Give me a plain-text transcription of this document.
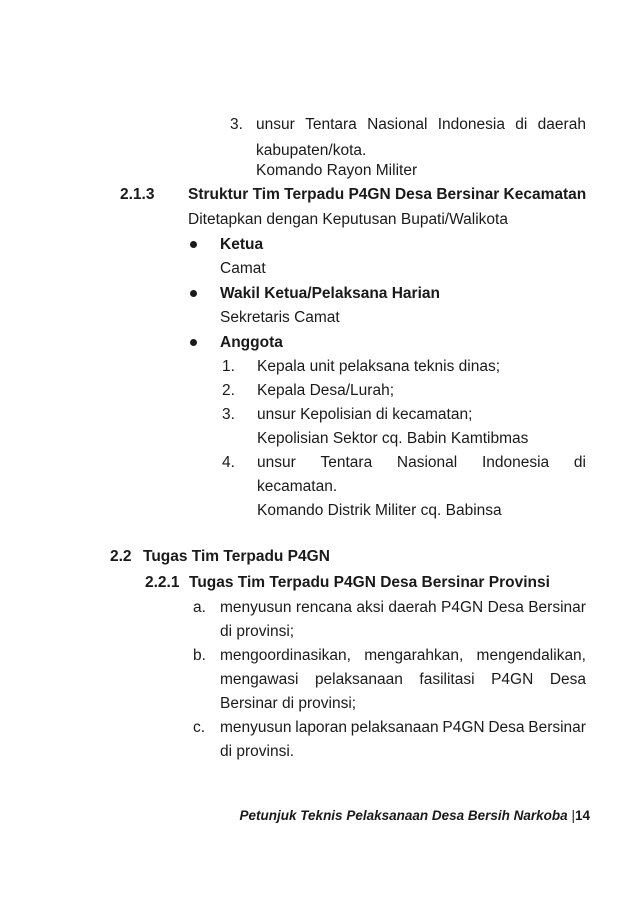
3. unsur Tentara Nasional Indonesia di daerah
kabupaten/kota.
Komando Rayon Militer
2.1.3 Struktur Tim Terpadu P4GN Desa Bersinar Kecamatan
Ditetapkan dengan Keputusan Bupati/Walikota
Ketua
Camat
Wakil Ketua/Pelaksana Harian
Sekretaris Camat
Anggota
1. Kepala unit pelaksana teknis dinas;
2. Kepala Desa/Lurah;
3. unsur Kepolisian di kecamatan;
Kepolisian Sektor cq. Babin Kamtibmas
4. unsur Tentara Nasional Indonesia di
kecamatan.
Komando Distrik Militer cq. Babinsa
2.2 Tugas Tim Terpadu P4GN
2.2.1 Tugas Tim Terpadu P4GN Desa Bersinar Provinsi
a. menyusun rencana aksi daerah P4GN Desa Bersinar
di provinsi;
b. mengoordinasikan, mengarahkan, mengendalikan,
mengawasi pelaksanaan fasilitasi P4GN Desa
Bersinar di provinsi;
c. menyusun laporan pelaksanaan P4GN Desa Bersinar
di provinsi.
Petunjuk Teknis Pelaksanaan Desa Bersih Narkoba |14
